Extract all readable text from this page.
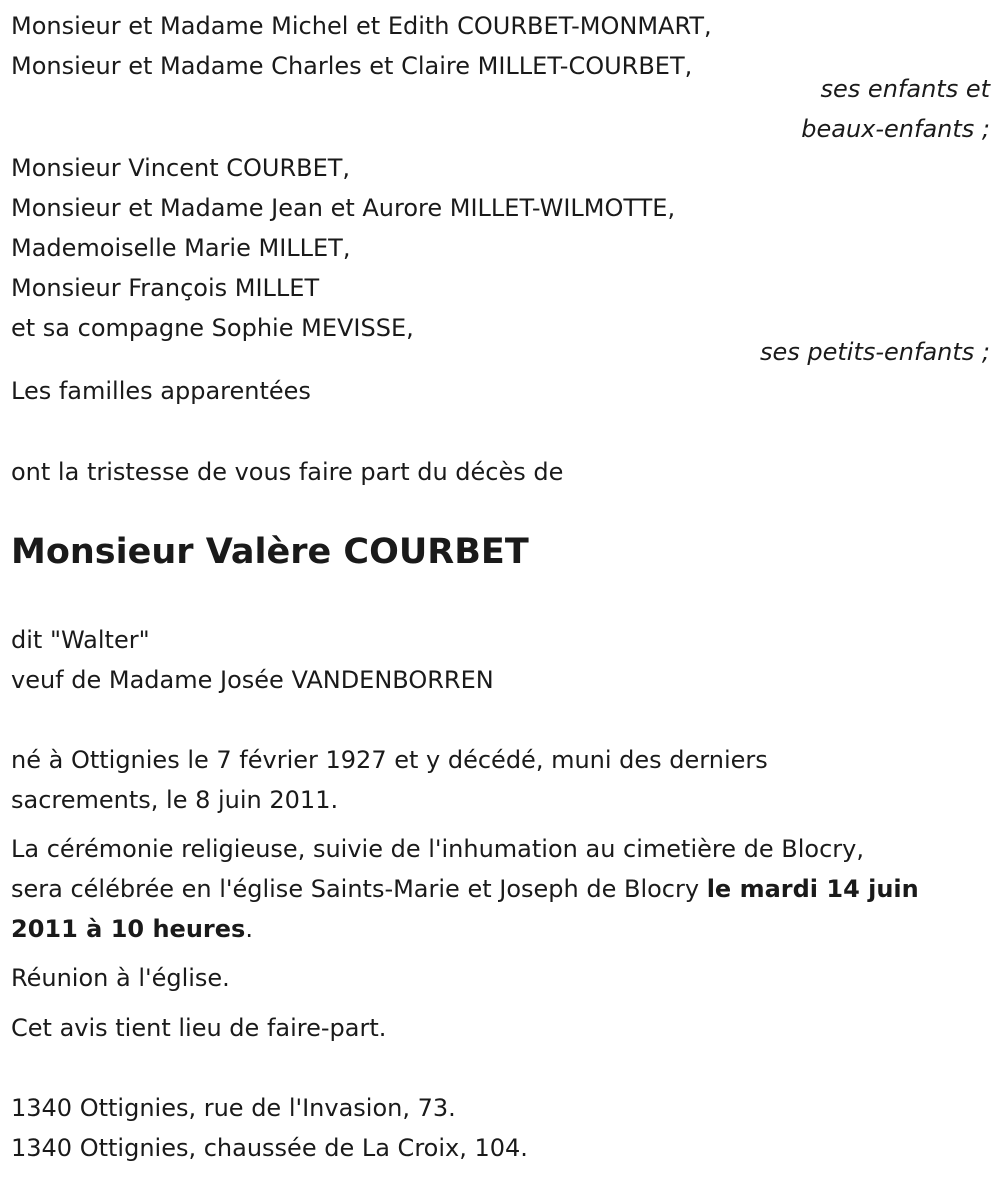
Monsieur et Madame Michel et Edith COURBET-MONMART,
Monsieur et Madame Charles et Claire MILLET-COURBET,
ses enfants et
beaux-enfants ;
Monsieur Vincent COURBET,
Monsieur et Madame Jean et Aurore MILLET-WILMOTTE,
Mademoiselle Marie MILLET,
Monsieur François MILLET
et sa compagne Sophie MEVISSE,
ses petits-enfants ;
Les familles apparentées
ont la tristesse de vous faire part du décès de
Monsieur Valère COURBET
dit "Walter"
veuf de Madame Josée VANDENBORREN
né à Ottignies le 7 février 1927 et y décédé, muni des derniers
sacrements, le 8 juin 2011.
La cérémonie religieuse, suivie de l'inhumation au cimetière de Blocry,
sera célébrée en l'église Saints-Marie et Joseph de Blocry le mardi 14 juin
2011 à 10 heures.
Réunion à l'église.
Cet avis tient lieu de faire-part.
1340 Ottignies, rue de l'Invasion, 73.
1340 Ottignies, chaussée de La Croix, 104.
